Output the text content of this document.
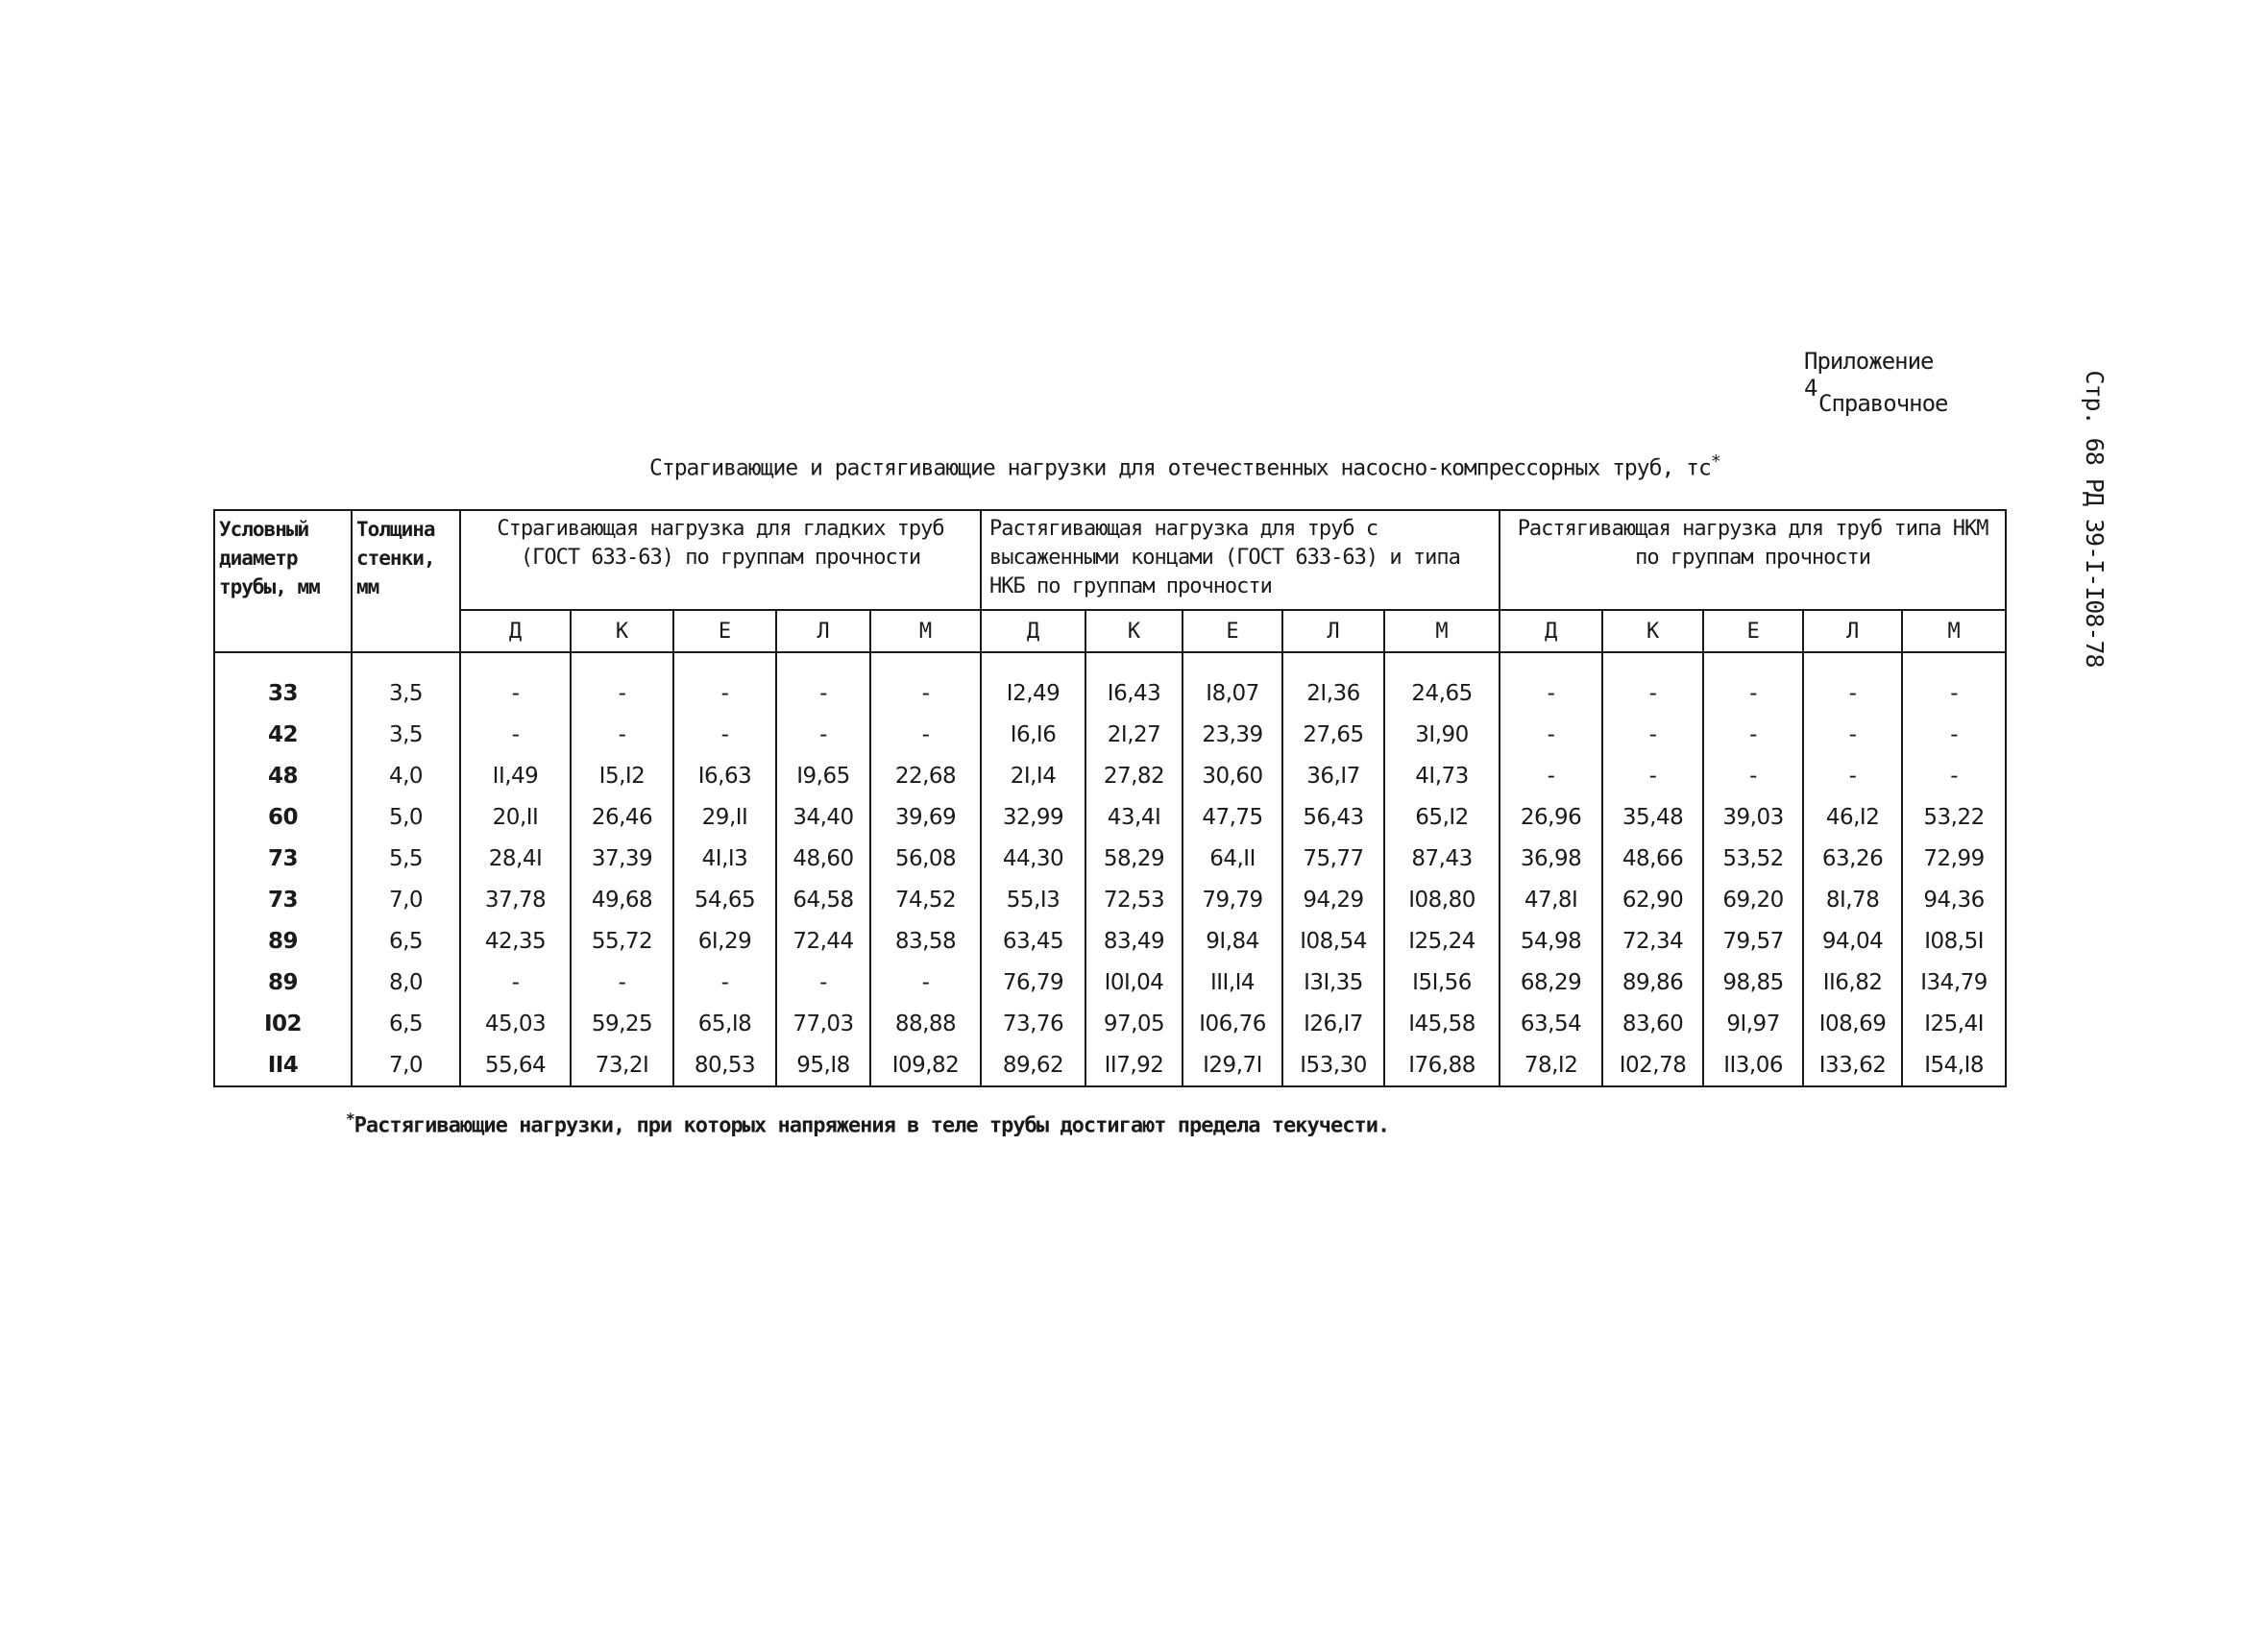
Приложение 4
Справочное	Стр. 68 РД 39-I-I08-78
Страгивающие и растягивающие нагрузки для отечественных насосно-компрессорных труб, тс*
Условный диаметр трубы, мм	Толщина стенки, мм	Страгивающая нагрузка для гладких труб (ГОСТ 633-63) по группам прочности					Растягивающая нагрузка для труб с высаженными концами (ГОСТ 633-63) и типа НКБ по группам прочности					Растягивающая нагрузка для труб типа НКМ по группам прочности				
		Д	К	Е	Л	М	Д	К	Е	Л	М	Д	К	Е	Л	М
33	3,5	-	-	-	-	-	I2,49	I6,43	I8,07	2I,36	24,65	-	-	-	-	-
42	3,5	-	-	-	-	-	I6,I6	2I,27	23,39	27,65	3I,90	-	-	-	-	-
48	4,0	II,49	I5,I2	I6,63	I9,65	22,68	2I,I4	27,82	30,60	36,I7	4I,73	-	-	-	-	-
60	5,0	20,II	26,46	29,II	34,40	39,69	32,99	43,4I	47,75	56,43	65,I2	26,96	35,48	39,03	46,I2	53,22
73	5,5	28,4I	37,39	4I,I3	48,60	56,08	44,30	58,29	64,II	75,77	87,43	36,98	48,66	53,52	63,26	72,99
73	7,0	37,78	49,68	54,65	64,58	74,52	55,I3	72,53	79,79	94,29	I08,80	47,8I	62,90	69,20	8I,78	94,36
89	6,5	42,35	55,72	6I,29	72,44	83,58	63,45	83,49	9I,84	I08,54	I25,24	54,98	72,34	79,57	94,04	I08,5I
89	8,0	-	-	-	-	-	76,79	I0I,04	III,I4	I3I,35	I5I,56	68,29	89,86	98,85	II6,82	I34,79
I02	6,5	45,03	59,25	65,I8	77,03	88,88	73,76	97,05	I06,76	I26,I7	I45,58	63,54	83,60	9I,97	I08,69	I25,4I
II4	7,0	55,64	73,2I	80,53	95,I8	I09,82	89,62	II7,92	I29,7I	I53,30	I76,88	78,I2	I02,78	II3,06	I33,62	I54,I8
*Растягивающие нагрузки, при которых напряжения в теле трубы достигают предела текучести.
